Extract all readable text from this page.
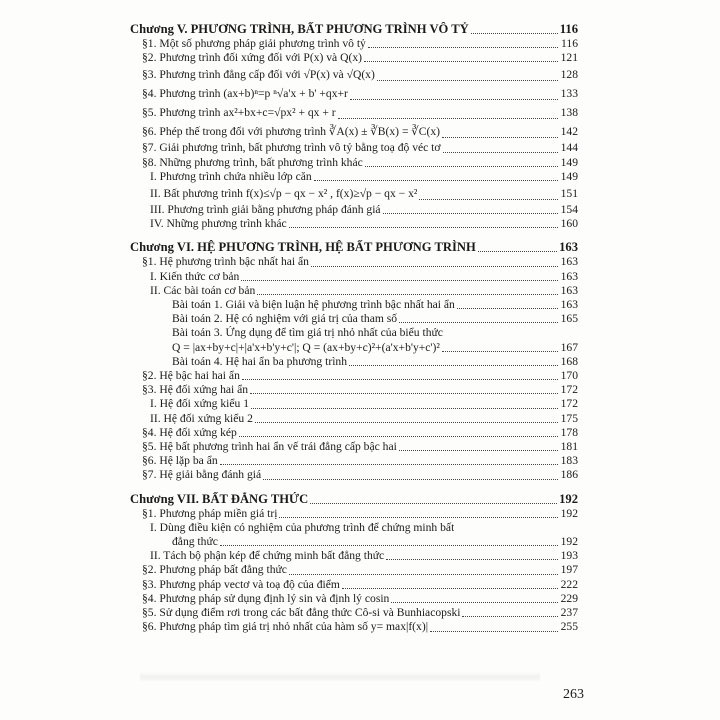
Chương V. PHƯƠNG TRÌNH, BẤT PHƯƠNG TRÌNH VÔ TỶ	116
§1. Một số phương pháp giải phương trình vô tỷ	116
§2. Phương trình đối xứng đối với P(x) và Q(x)	121
§3. Phương trình đẳng cấp đối với √P(x) và √Q(x)	128
§4. Phương trình (ax+b)ⁿ=p ⁿ√a'x + b' +qx+r	133
§5. Phương trình ax²+bx+c=√px² + qx + r	138
§6. Phép thế trong đối với phương trình ∛A(x) ± ∛B(x) = ∛C(x)	142
§7. Giải phương trình, bất phương trình vô tỷ bằng toạ độ véc tơ	144
§8. Những phương trình, bất phương trình khác	149
I. Phương trình chứa nhiều lớp căn	149
II. Bất phương trình f(x)≤√p − qx − x² , f(x)≥√p − qx − x²	151
III. Phương trình giải bằng phương pháp đánh giá	154
IV. Những phương trình khác	160
Chương VI. HỆ PHƯƠNG TRÌNH, HỆ BẤT PHƯƠNG TRÌNH	163
§1. Hệ phương trình bậc nhất hai ẩn	163
I. Kiến thức cơ bản	163
II. Các bài toán cơ bản	163
Bài toán 1. Giải và biện luận hệ phương trình bậc nhất hai ẩn	163
Bài toán 2. Hệ có nghiệm với giá trị của tham số	165
Bài toán 3. Ứng dụng để tìm giá trị nhỏ nhất của biểu thức
Q = |ax+by+c|+|a'x+b'y+c'|; Q = (ax+by+c)²+(a'x+b'y+c')²	167
Bài toán 4. Hệ hai ẩn ba phương trình	168
§2. Hệ bậc hai hai ẩn	170
§3. Hệ đối xứng hai ẩn	172
I. Hệ đối xứng kiểu 1	172
II. Hệ đối xứng kiểu 2	175
§4. Hệ đối xứng kép	178
§5. Hệ bất phương trình hai ẩn vế trái đẳng cấp bậc hai	181
§6. Hệ lặp ba ẩn	183
§7. Hệ giải bằng đánh giá	186
Chương VII. BẤT ĐẲNG THỨC	192
§1. Phương pháp miền giá trị	192
I. Dùng điều kiện có nghiệm của phương trình để chứng minh bất
đẳng thức	192
II. Tách bộ phận kép để chứng minh bất đẳng thức	193
§2. Phương pháp bất đẳng thức	197
§3. Phương pháp vectơ và toạ độ của điểm	222
§4. Phương pháp sử dụng định lý sin và định lý cosin	229
§5. Sử dụng điểm rơi trong các bất đẳng thức Cô-si và Bunhiacopski	237
§6. Phương pháp tìm giá trị nhỏ nhất của hàm số y= max|f(x)|	255
263
